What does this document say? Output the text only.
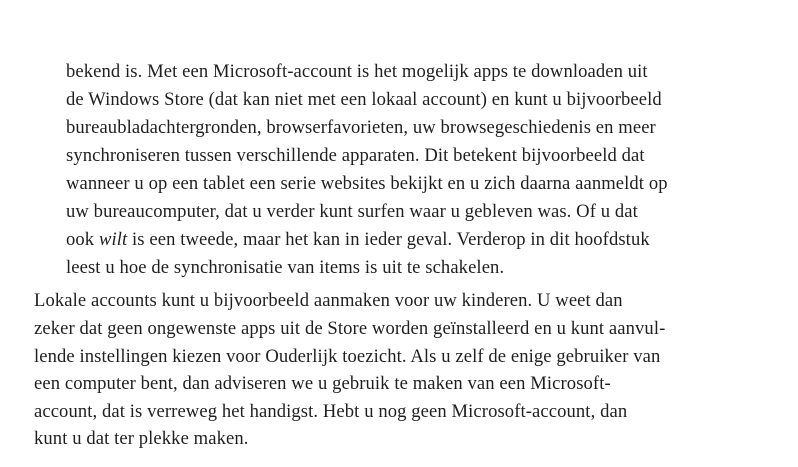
bekend is. Met een Microsoft-account is het mogelijk apps te downloaden uit
de Windows Store (dat kan niet met een lokaal account) en kunt u bijvoorbeeld
bureaubladachtergronden, browserfavorieten, uw browsegeschiedenis en meer
synchroniseren tussen verschillende apparaten. Dit betekent bijvoorbeeld dat
wanneer u op een tablet een serie websites bekijkt en u zich daarna aanmeldt op
uw bureaucomputer, dat u verder kunt surfen waar u gebleven was. Of u dat
ook wilt is een tweede, maar het kan in ieder geval. Verderop in dit hoofdstuk
leest u hoe de synchronisatie van items is uit te schakelen.
Lokale accounts kunt u bijvoorbeeld aanmaken voor uw kinderen. U weet dan
zeker dat geen ongewenste apps uit de Store worden geïnstalleerd en u kunt aanvul-
lende instellingen kiezen voor Ouderlijk toezicht. Als u zelf de enige gebruiker van
een computer bent, dan adviseren we u gebruik te maken van een Microsoft-
account, dat is verreweg het handigst. Hebt u nog geen Microsoft-account, dan
kunt u dat ter plekke maken.
